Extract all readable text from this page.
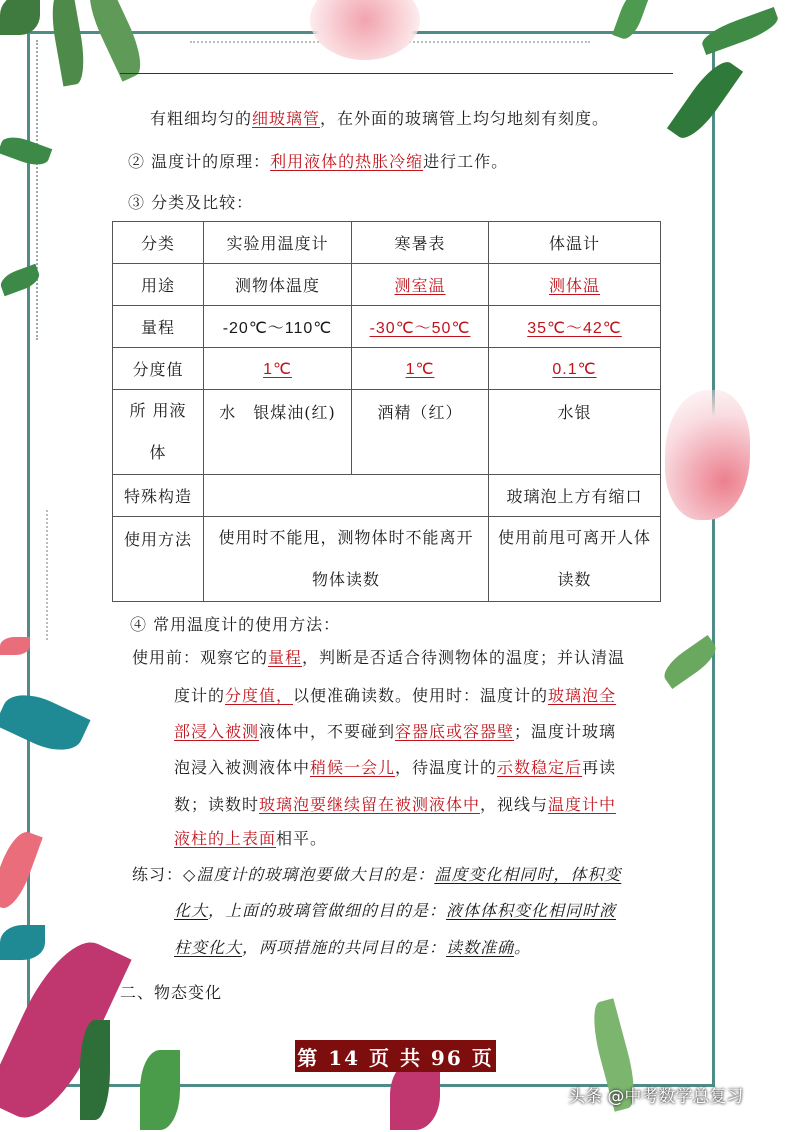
有粗细均匀的细玻璃管，在外面的玻璃管上均匀地刻有刻度。
② 温度计的原理：利用液体的热胀冷缩进行工作。
③ 分类及比较：
分类	实验用温度计	寒暑表	体温计
用途	测物体温度	测室温	测体温
量程	-20℃～110℃	-30℃～50℃	35℃～42℃
分度值	1℃	1℃	0.1℃
所 用液体	水　银煤油(红)	酒精（红）	水银
特殊构造			玻璃泡上方有缩口
使用方法	使用时不能甩，测物体时不能离开物体读数		使用前甩可离开人体读数
④ 常用温度计的使用方法：
使用前：观察它的量程，判断是否适合待测物体的温度；并认清温
度计的分度值，以便准确读数。使用时：温度计的玻璃泡全
部浸入被测液体中，不要碰到容器底或容器壁；温度计玻璃
泡浸入被测液体中稍候一会儿，待温度计的示数稳定后再读
数；读数时玻璃泡要继续留在被测液体中，视线与温度计中
液柱的上表面相平。
练习：◇温度计的玻璃泡要做大目的是：温度变化相同时，体积变
化大，上面的玻璃管做细的目的是：液体体积变化相同时液
柱变化大，两项措施的共同目的是：读数准确。
二、物态变化
第 14 页 共 96 页
头条 @中考数学总复习
